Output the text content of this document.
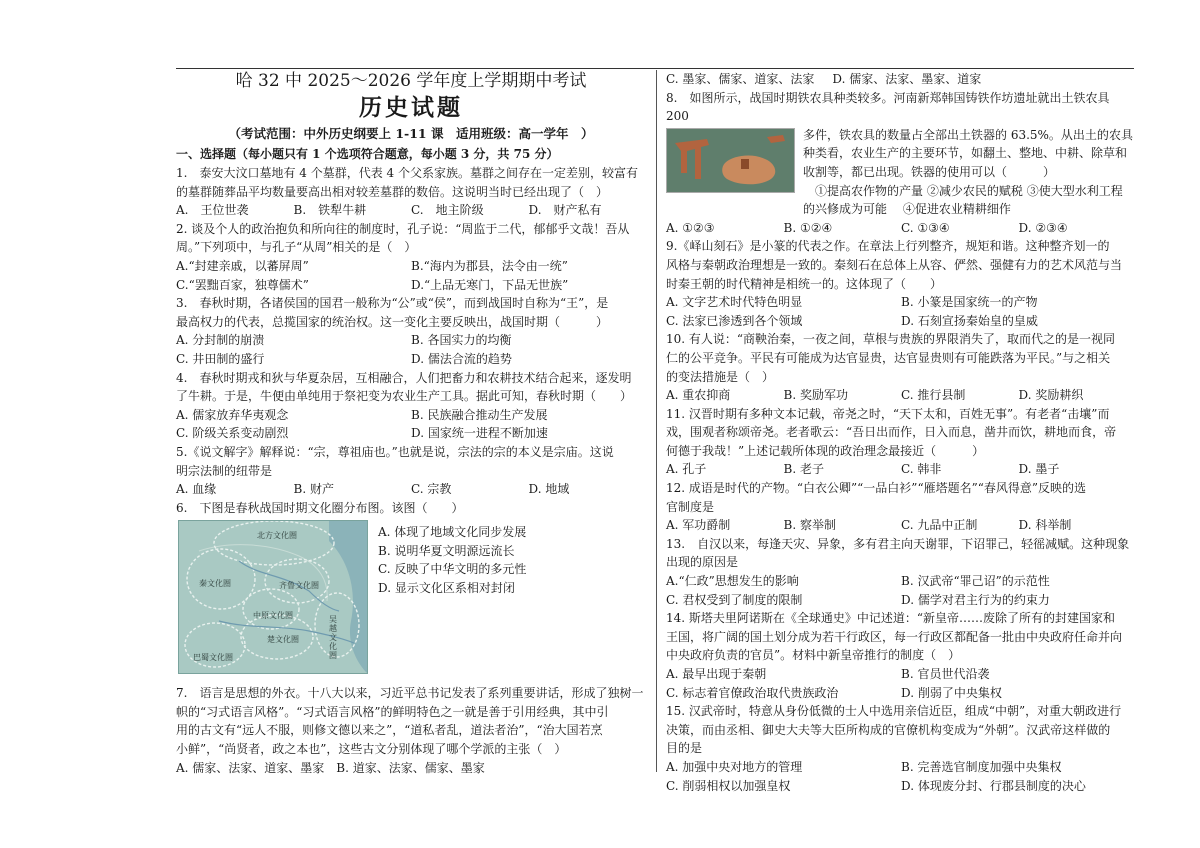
哈 32 中 2025～2026 学年度上学期期中考试
历史试题
（考试范围：中外历史纲要上 1-11 课　适用班级：高一学年　）
一、选择题（每小题只有 1 个选项符合题意，每小题 3 分，共 75 分）

1.　泰安大汶口墓地有 4 个墓群，代表 4 个父系家族。墓群之间存在一定差别，较富有

的墓群随葬品平均数量要高出相对较差墓群的数倍。这说明当时已经出现了（　）

A.　王位世袭	B.　铁犁牛耕	C.　地主阶级	D.　财产私有

2. 谈及个人的政治抱负和所向往的制度时，孔子说：“周监于二代，郁郁乎文哉！吾从

周。”下列项中，与孔子“从周”相关的是（　）

A.“封建亲戚，以蕃屏周”	B.“海内为郡县，法令由一统”
C.“罢黜百家，独尊儒术”	D.“上品无寒门，下品无世族”

3.　春秋时期，各诸侯国的国君一般称为“公”或“侯”，而到战国时自称为“王”，是

最高权力的代表，总揽国家的统治权。这一变化主要反映出，战国时期（　　　）

A. 分封制的崩溃	B. 各国实力的均衡
C. 井田制的盛行	D. 儒法合流的趋势

4.　春秋时期戎和狄与华夏杂居，互相融合，人们把畜力和农耕技术结合起来，逐发明

了牛耕。于是，牛便由单纯用于祭祀变为农业生产工具。据此可知，春秋时期（　　）

A. 儒家放弃华夷观念	B. 民族融合推动生产发展
C. 阶级关系变动剧烈	D. 国家统一进程不断加速

5.《说文解字》解释说：“宗，尊祖庙也。”也就是说，宗法的宗的本义是宗庙。这说

明宗法制的纽带是

A. 血缘	B. 财产	C. 宗教	D. 地域

6.　下图是春秋战国时期文化圈分布图。该图（　　）

北方文化圈
秦文化圈	齐鲁文化圈
中原文化圈
楚文化圈
吴越文化圈
巴蜀文化圈
A. 体现了地域文化同步发展
B. 说明华夏文明源远流长
C. 反映了中华文明的多元性
D. 显示文化区系相对封闭

7.　语言是思想的外衣。十八大以来，习近平总书记发表了系列重要讲话，形成了独树一

帜的“习式语言风格”。“习式语言风格”的鲜明特色之一就是善于引用经典，其中引

用的古文有“远人不服，则修文德以来之”，“道私者乱，道法者治”，“治大国若烹

小鲜”，“尚贤者，政之本也”，这些古文分别体现了哪个学派的主张（　）

A. 儒家、法家、道家、墨家 B. 道家、法家、儒家、墨家
C. 墨家、儒家、道家、法家 D. 儒家、法家、墨家、道家

8.　如图所示，战国时期铁农具种类较多。河南新郑韩国铸铁作坊遗址就出土铁农具 200

多件，铁农具的数量占全部出土铁器的 63.5%。从出土的农具

种类看，农业生产的主要环节，如翻土、整地、中耕、除草和

收割等，都已出现。铁器的使用可以（　　　）

①提高农作物的产量 ②减少农民的赋税 ③使大型水利工程

的兴修成为可能 ④促进农业精耕细作

A. ①②③	B. ①②④	C. ①③④	D. ②③④

9.《峄山刻石》是小篆的代表之作。在章法上行列整齐，规矩和谐。这种整齐划一的

风格与秦朝政治理想是一致的。秦刻石在总体上从容、俨然、强健有力的艺术风范与当

时秦王朝的时代精神是相统一的。这体现了（　　）

A. 文字艺术时代特色明显	B. 小篆是国家统一的产物
C. 法家已渗透到各个领域	D. 石刻宣扬秦始皇的皇威

10. 有人说：“商鞅治秦，一夜之间，草根与贵族的界限消失了，取而代之的是一视同

仁的公平竞争。平民有可能成为达官显贵，达官显贵则有可能跌落为平民。”与之相关

的变法措施是（　）

A. 重农抑商	B. 奖励军功	C. 推行县制	D. 奖励耕织

11. 汉晋时期有多种文本记载，帝尧之时，“天下太和，百姓无事”。有老者“击壤”而

戏，围观者称颂帝尧。老者歌云：“吾日出而作，日入而息，凿井而饮，耕地而食，帝

何德于我哉！”上述记载所体现的政治理念最接近（　　　）

A. 孔子	B. 老子	C. 韩非	D. 墨子

12. 成语是时代的产物。“白衣公卿”“一品白衫”“雁塔题名”“春风得意”反映的选

官制度是

A. 军功爵制	B. 察举制	C. 九品中正制	D. 科举制

13.　自汉以来，每逢天灾、异象，多有君主向天谢罪，下诏罪己，轻徭减赋。这种现象

出现的原因是

A.“仁政”思想发生的影响	B. 汉武帝“罪己诏”的示范性
C. 君权受到了制度的限制	D. 儒学对君主行为的约束力

14. 斯塔夫里阿诺斯在《全球通史》中记述道：“新皇帝……废除了所有的封建国家和

王国，将广阔的国土划分成为若干行政区，每一行政区都配备一批由中央政府任命并向

中央政府负责的官员”。材料中新皇帝推行的制度（　）

A. 最早出现于秦朝	B. 官员世代沿袭
C. 标志着官僚政治取代贵族政治	D. 削弱了中央集权

15. 汉武帝时，特意从身份低微的士人中选用亲信近臣，组成“中朝”，对重大朝政进行

决策，而由丞相、御史大夫等大臣所构成的官僚机构变成为“外朝”。汉武帝这样做的

目的是

A. 加强中央对地方的管理	B. 完善选官制度加强中央集权
C. 削弱相权以加强皇权	D. 体现废分封、行郡县制度的决心
